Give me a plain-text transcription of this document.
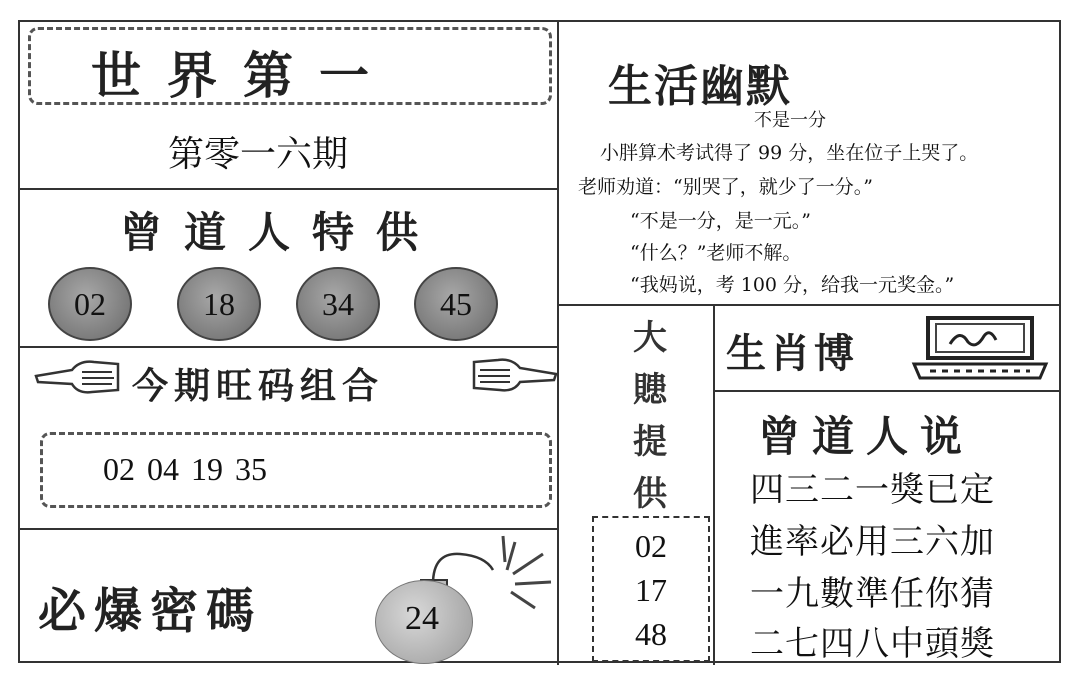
世界第一
第零一六期
曾道人特供
02	18	34	45
今期旺码组合
02 04 19 35
必爆密碼	24
生活幽默
不是一分
小胖算术考试得了 99 分，坐在位子上哭了。
老师劝道：“别哭了，就少了一分。”
“不是一分，是一元。”
“什么？”老师不解。
“我妈说，考 100 分，给我一元奖金。”
大
贃
提
供
02
17
48
生肖博
曾道人说
四三二一獎已定
進率必用三六加
一九數準任你猜
二七四八中頭獎
